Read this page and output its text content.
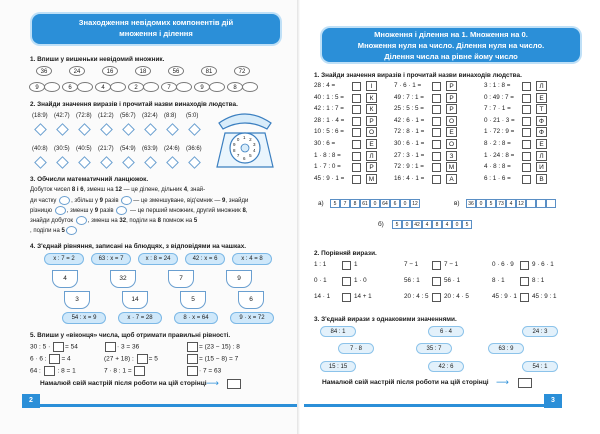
Знаходження невідомих компонентів дій
множення і ділення
1. Впиши у вишеньки невідомий множник.
36
9
24
6
16
4
18
2
56
7
81
9
72
8
2. Знайди значення виразів і прочитай назви винаходів людства.
(18:9) (42:7) (72:8) (12:2) (56:7) (32:4) (8:8) (5:0)
(40:8) (30:5) (40:5) (21:7) (54:9) (63:9) (24:6) (36:6)
1 2
3
4
5
6
7
8
9
0
3. Обчисли математичний ланцюжок.
Добуток чисел 8 і 6, зменш на 12 — це ділене, дільник 4, знай-
ди частку , збільш у 9 разів — це зменшуване, від'ємник — 9, знайди
різницю , зменш у 9 разів  — це перший множник, другий множник 8,
знайди добуток , зменш на 32, поділи на 8 помнож на 5
, поділи на 5
4. З'єднай рівняння, записані на блюдцях, з відповідями на чашках.
x : 7 = 2	63 : x = 7	x : 8 = 24	42 : x = 6	x : 4 = 8
4	32	7	9
3	14	5	6
54 : x = 9	x · 7 = 28	8 · x = 64	9 · x = 72
5. Впиши у «віконця» числа, щоб отримати правильні рівності.
30 : 5 · = 54
6 · 6 : = 4
64 :  : 8 = 1
· 3 = 36
(27 + 18) : = 5
7 · 8 : 1 =
= (23 − 15) : 8
= (15 − 8) = 7
· 7 = 63
Намалюй свій настрій після роботи на цій сторінці ⟶
2
Множення і ділення на 1. Множення на 0.
Множення нуля на число. Ділення нуля на число.
Ділення числа на рівне йому число
1. Знайди значення виразів і прочитай назви винаходів людства.
28 : 4 =	І
40 : 1 : 5 =	К
42 : 1 : 7 =	К
28 : 1 · 4 =	Р
10 : 5 : 6 =	О
30 : 6 =	Е
1 · 8 : 8 =	Л
1 · 7 : 0 =	Р
45 : 9 · 1 =	М
7 · 6 · 1 =	Р
49 : 7 : 1 =	Р
25 : 5 : 5 =	Р
42 : 6 · 1 =	О
72 : 8 · 1 =	Е
30 : 6 · 1 =	О
27 : 3 · 1 =	З
72 : 9 : 1 =	М
16 : 4 · 1 =	А
3 : 1 : 8 =	Л
0 : 49 : 7 =	Е
7 : 7 · 1 =	Т
0 · 21 · 3 =	Ф
1 · 72 : 9 =	Ф
8 · 2 : 8 =	Е
1 · 24 : 8 =	Л
4 · 8 : 8 =	И
6 : 1 · 6 =	В
а)	5	7	8	61	0	64	6	0	12	в)	36	0	5	73	4	12
б)	5	0	42	4	8	4	0	5
2. Порівняй вирази.
1 : 1	1	7 − 1	7 − 1	0 · 6 · 9	9 · 6 · 1
0 · 1	1 · 0	56 : 1	56 · 1	8 · 1	8 : 1
14 · 1	14 + 1	20 : 4 : 5 20 : 4 · 5	45 : 9 · 1 45 : 9 : 1
3. З'єднай вирази з однаковими значеннями.
84 : 1	6 · 4	24 : 3
7 · 8	35 : 7	63 : 9
15 : 15	42 : 6	54 : 1
Намалюй свій настрій після роботи на цій сторінці ⟶
3
